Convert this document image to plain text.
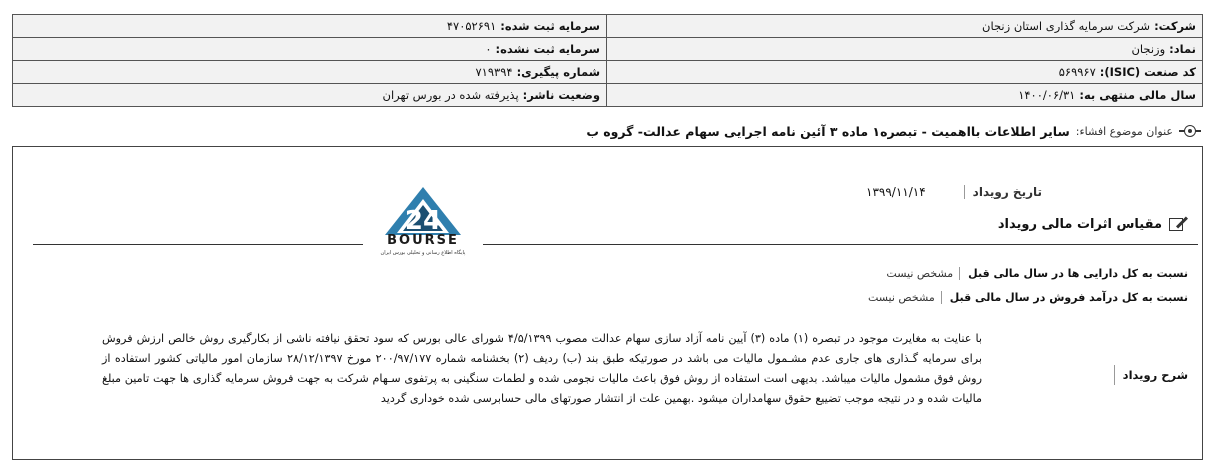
شرکت:شرکت سرمایه گذاری استان زنجان	سرمایه ثبت شده:۴۷۰۵۲۶۹۱
نماد:وزنجان	سرمایه ثبت نشده:۰
کد صنعت (ISIC):۵۶۹۹۶۷	شماره پیگیری:۷۱۹۳۹۴
سال مالی منتهی به:۱۴۰۰/۰۶/۳۱	وضعیت ناشر:پذیرفته شده در بورس تهران
عنوان موضوع افشاء:
سایر اطلاعات بااهمیت - تبصره۱ ماده ۳ آئین نامه اجرایی سهام عدالت- گروه ب
تاریخ رویداد
۱۳۹۹/۱۱/۱۴
مقیاس اثرات مالی رویداد
24
BOURSE
پایگاه اطلاع رسانی و تحلیلی بورس ایران
نسبت به کل دارایی ها در سال مالی قبل
مشخص نیست
نسبت به کل درآمد فروش در سال مالی قبل
مشخص نیست
شرح رویداد
با عنایت به مغایرت موجود در تبصره (۱) ماده (۳) آیین نامه آزاد سازی سهام عدالت مصوب ۴/۵/۱۳۹۹ شورای عالی بورس که سود تحقق نیافته ناشی از بکارگیری روش خالص ارزش فروش برای سرمایه گـذاری های جاری عدم مشـمول مالیات می باشد در صورتیکه طبق بند (ب) ردیف (۲) بخشنامه شماره ۲۰۰/۹۷/۱۷۷ مورخ ۲۸/۱۲/۱۳۹۷ سازمان امور مالیاتی کشور استفاده از روش فوق مشمول مالیات میباشد. بدیهی است استفاده از روش فوق باعث مالیات نجومی شده و لطمات سنگینی به پرتفوی سـهام شرکت به جهت فروش سرمایه گذاری ها جهت تامین مبلغ مالیات شده و در نتیجه موجب تضییع حقوق سهامداران میشود .بهمین علت از انتشار صورتهای مالی حسابرسی شده خوداری گردید
